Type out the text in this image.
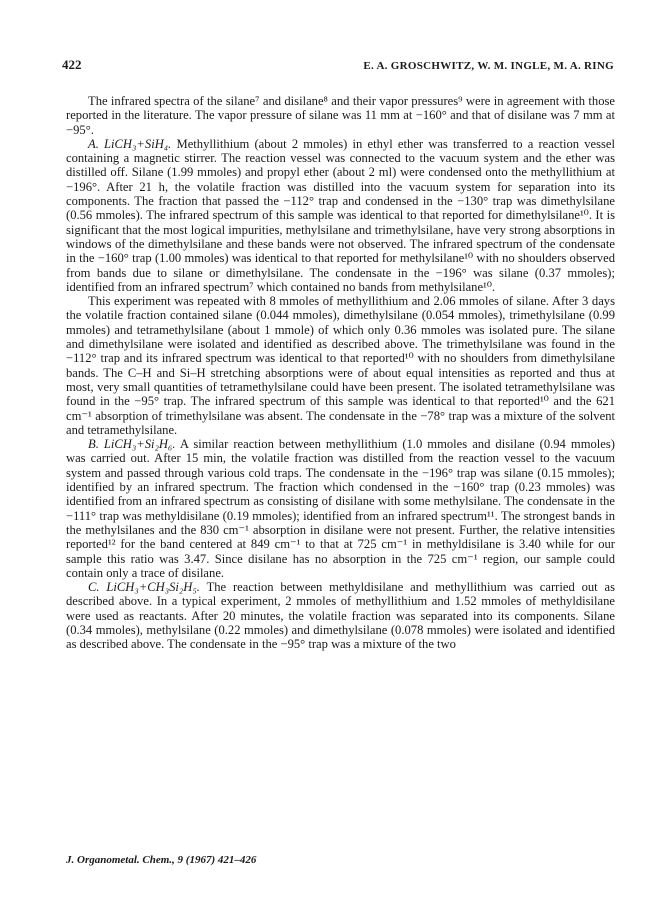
422	E. A. GROSCHWITZ, W. M. INGLE, M. A. RING

The infrared spectra of the silane⁷ and disilane⁸ and their vapor pressures⁹ were in agreement with those reported in the literature. The vapor pressure of silane was 11 mm at −160° and that of disilane was 7 mm at −95°.

A. LiCH₃+SiH₄. Methyllithium (about 2 mmoles) in ethyl ether was transferred to a reaction vessel containing a magnetic stirrer. The reaction vessel was connected to the vacuum system and the ether was distilled off. Silane (1.99 mmoles) and propyl ether (about 2 ml) were condensed onto the methyllithium at −196°. After 21 h, the volatile fraction was distilled into the vacuum system for separation into its components. The fraction that passed the −112° trap and condensed in the −130° trap was dimethylsilane (0.56 mmoles). The infrared spectrum of this sample was identical to that reported for dimethylsilane¹⁰. It is significant that the most logical impurities, methylsilane and trimethylsilane, have very strong absorptions in windows of the dimethylsilane and these bands were not observed. The infrared spectrum of the condensate in the −160° trap (1.00 mmoles) was identical to that reported for methylsilane¹⁰ with no shoulders observed from bands due to silane or dimethylsilane. The condensate in the −196° was silane (0.37 mmoles); identified from an infrared spectrum⁷ which contained no bands from methylsilane¹⁰.

This experiment was repeated with 8 mmoles of methyllithium and 2.06 mmoles of silane. After 3 days the volatile fraction contained silane (0.044 mmoles), dimethylsilane (0.054 mmoles), trimethylsilane (0.99 mmoles) and tetramethylsilane (about 1 mmole) of which only 0.36 mmoles was isolated pure. The silane and dimethylsilane were isolated and identified as described above. The trimethylsilane was found in the −112° trap and its infrared spectrum was identical to that reported¹⁰ with no shoulders from dimethylsilane bands. The C–H and Si–H stretching absorptions were of about equal intensities as reported and thus at most, very small quantities of tetramethylsilane could have been present. The isolated tetramethylsilane was found in the −95° trap. The infrared spectrum of this sample was identical to that reported¹⁰ and the 621 cm⁻¹ absorption of trimethylsilane was absent. The condensate in the −78° trap was a mixture of the solvent and tetramethylsilane.

B. LiCH₃+Si₂H₆. A similar reaction between methyllithium (1.0 mmoles and disilane (0.94 mmoles) was carried out. After 15 min, the volatile fraction was distilled from the reaction vessel to the vacuum system and passed through various cold traps. The condensate in the −196° trap was silane (0.15 mmoles); identified by an infrared spectrum. The fraction which condensed in the −160° trap (0.23 mmoles) was identified from an infrared spectrum as consisting of disilane with some methylsilane. The condensate in the −111° trap was methyldisilane (0.19 mmoles); identified from an infrared spectrum¹¹. The strongest bands in the methylsilanes and the 830 cm⁻¹ absorption in disilane were not present. Further, the relative intensities reported¹² for the band centered at 849 cm⁻¹ to that at 725 cm⁻¹ in methyldisilane is 3.40 while for our sample this ratio was 3.47. Since disilane has no absorption in the 725 cm⁻¹ region, our sample could contain only a trace of disilane.

C. LiCH₃+CH₃Si₂H₅. The reaction between methyldisilane and methyllithium was carried out as described above. In a typical experiment, 2 mmoles of methyllithium and 1.52 mmoles of methyldisilane were used as reactants. After 20 minutes, the volatile fraction was separated into its components. Silane (0.34 mmoles), methylsilane (0.22 mmoles) and dimethylsilane (0.078 mmoles) were isolated and identified as described above. The condensate in the −95° trap was a mixture of the two

J. Organometal. Chem., 9 (1967) 421–426
